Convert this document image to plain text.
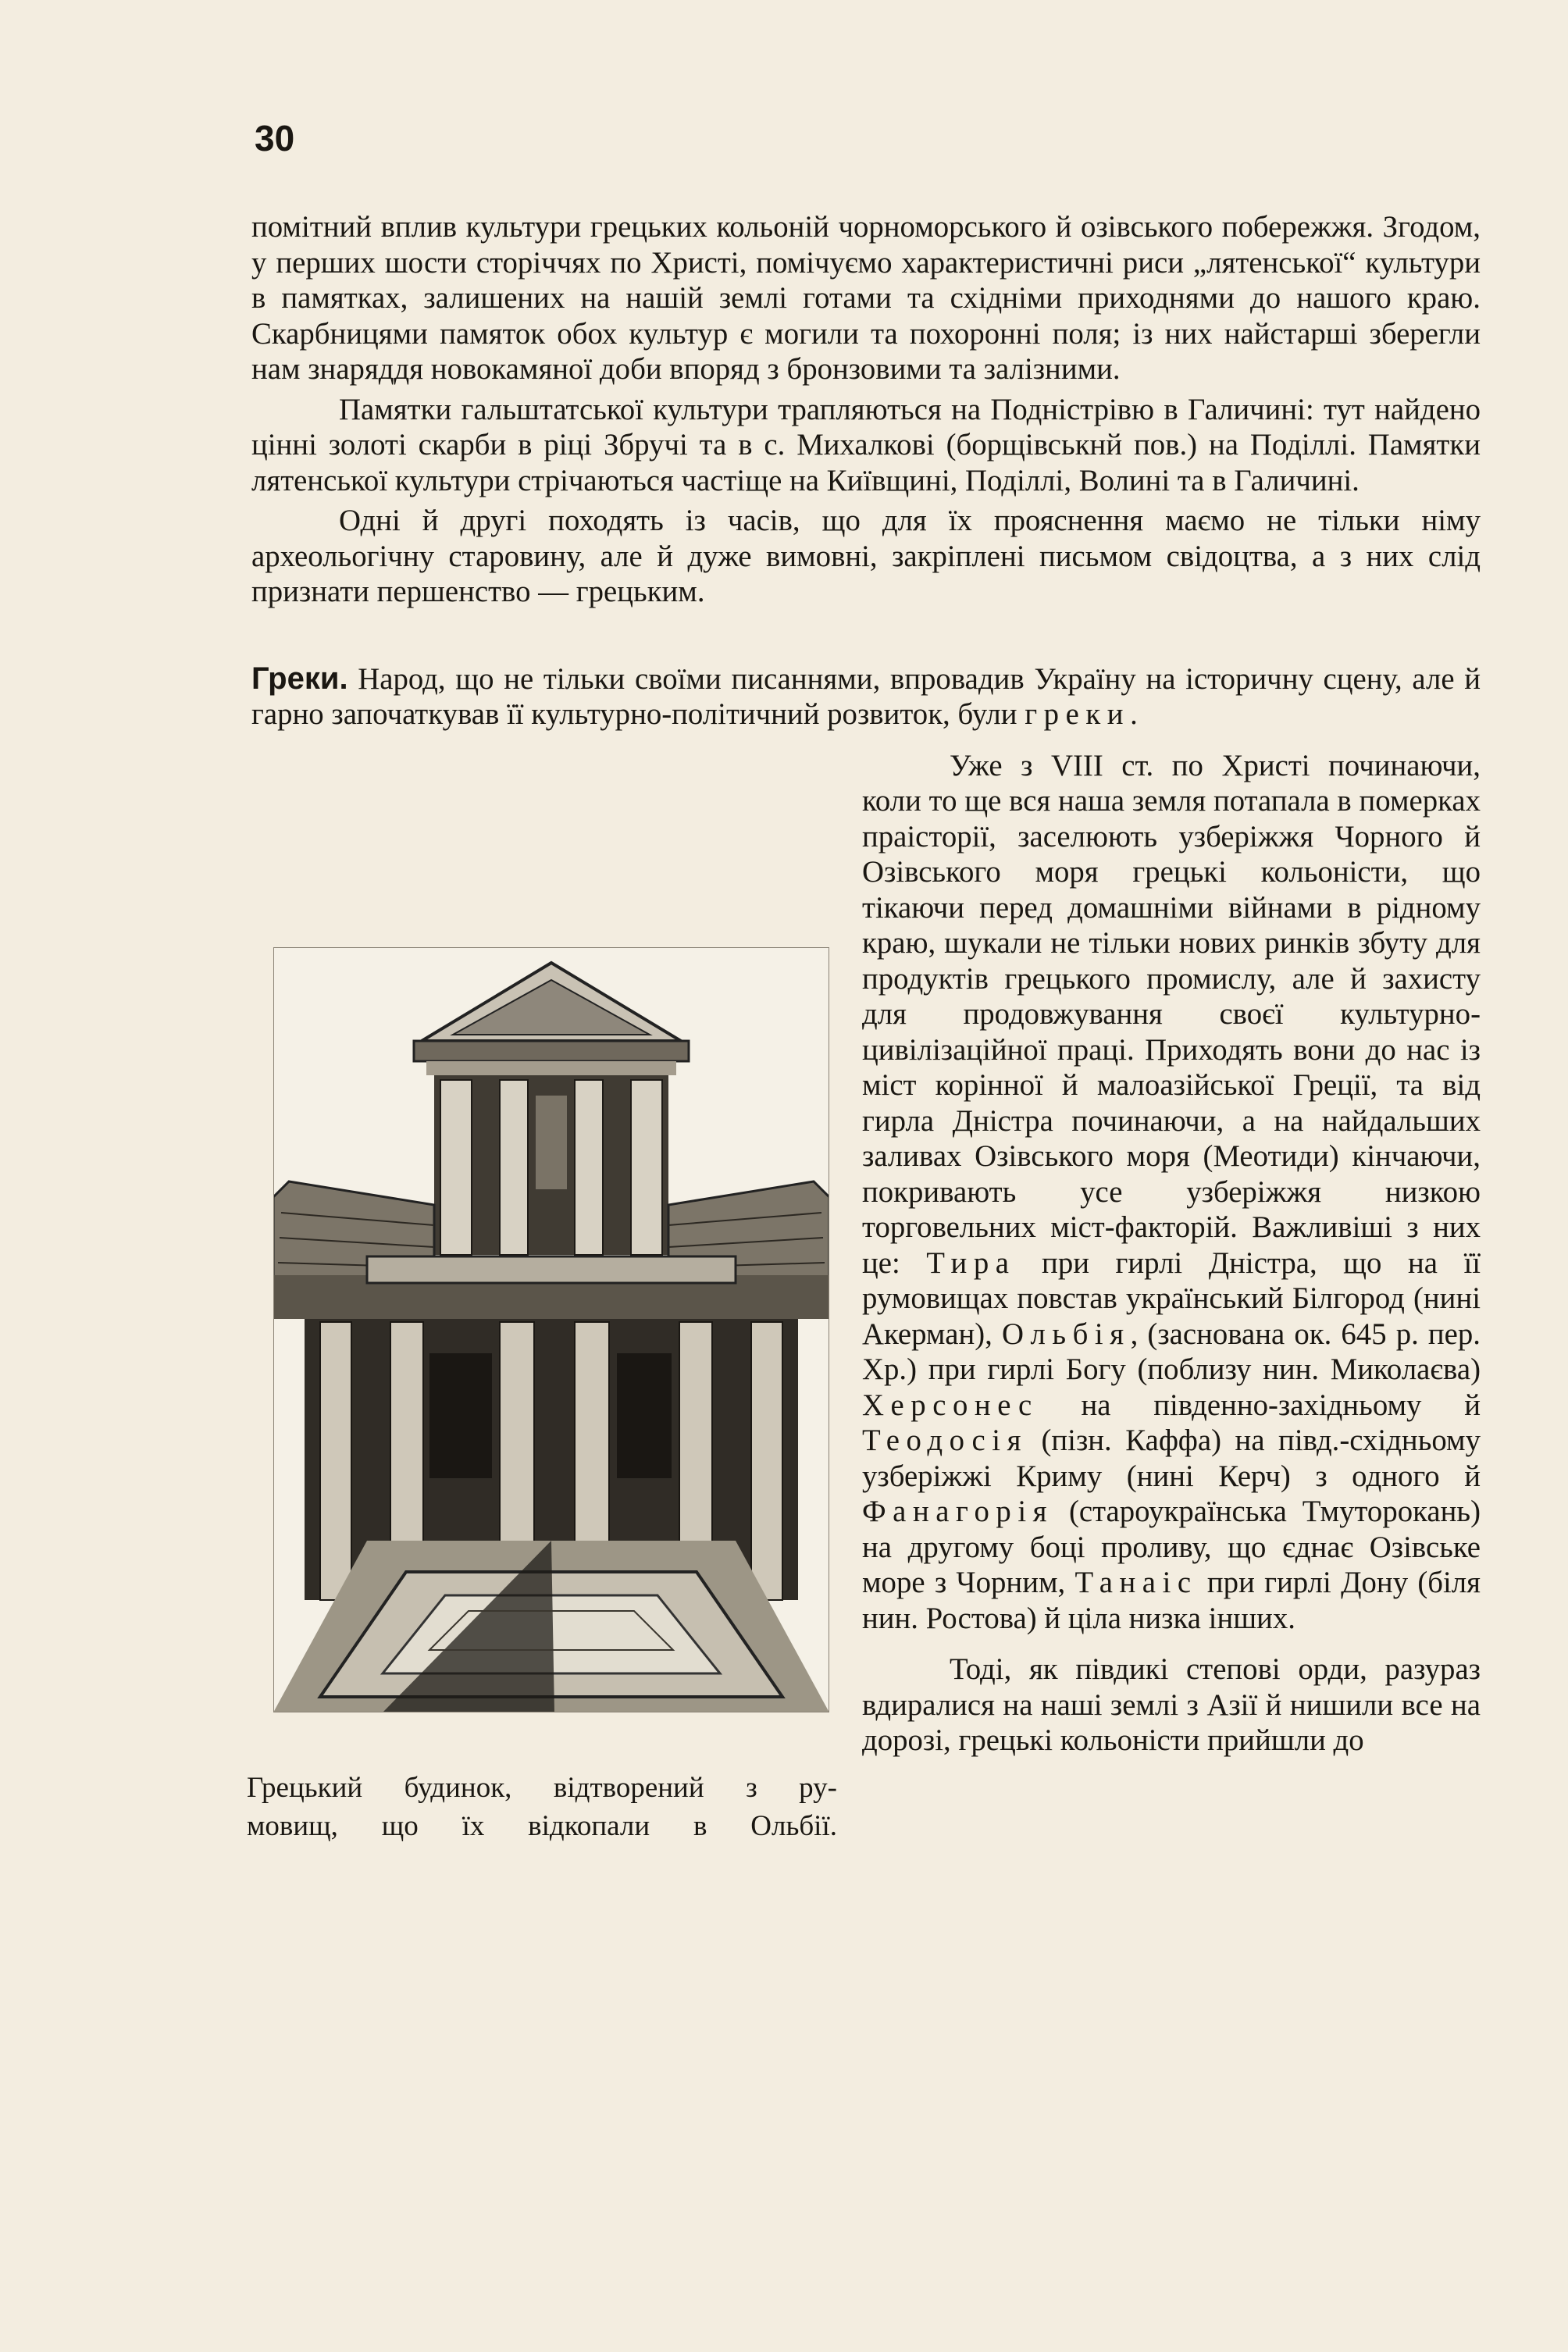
30

помітний вплив культури грецьких кольоній чорноморського й озівського побережжя. Згодом, у перших шости сторіччях по Христі, помічуємо характеристичні риси „лятенської“ культури в памятках, залишених на нашій землі готами та східніми приходнями до нашого краю. Скарбницями памяток обох культур є могили та похоронні поля; із них найстарші зберегли нам знаряддя новокамяної доби впоряд з бронзовими та залізними.

Памятки гальштатської культури трапляються на Подністрівю в Галичині: тут найдено цінні золоті скарби в ріці Збручі та в с. Михалкові (борщівськнй пов.) на Поділлі. Памятки лятенської культури стрічаються частіще на Київщині, Поділлі, Волині та в Галичині.

Одні й другі походять із часів, що для їх прояснення маємо не тільки німу археольогічну старовину, але й дуже вимовні, закріплені письмом свідоцтва, а з них слід признати першенство — грецьким.

Греки. Народ, що не тільки своїми писаннями, впровадив Україну на історичну сцену, але й гарно започаткував її культурно-політичний розвиток, були греки.

Грецький будинок, відтворений з ру-
мовищ, що їх відкопали в Ольбії.

Уже з VIII ст. по Христі починаючи, коли то ще вся наша земля потапала в померках праісторії, заселюють узберіжжя Чорного й Озівського моря грецькі кольоністи, що тікаючи перед домашніми війнами в рідному краю, шукали не тільки нових ринків збуту для продуктів грецького промислу, але й захисту для продовжування своєї культурно-цивілізаційної праці. Приходять вони до нас із міст корінної й малоазійської Греції, та від гирла Дністра починаючи, а на найдальших заливах Озівського моря (Меотиди) кінчаючи, покривають усе узберіжжя низкою торговельних міст-факторій. Важливіші з них це: Тира при гирлі Дністра, що на її румовищах повстав український Білгород (нині Акерман), Ольбія, (заснована ок. 645 р. пер. Хр.) при гирлі Богу (поблизу нин. Миколаєва) Херсонес на південно-західньому й Теодосія (пізн. Каффа) на півд.-східньому узберіжжі Криму (нині Керч) з одного й Фанагорія (староукраїнська Тмуторокань) на другому боці проливу, що єднає Озівське море з Чорним, Танаіс при гирлі Дону (біля нин. Ростова) й ціла низка інших.

Тоді, як півдикі степові орди, разураз вдиралися на наші землі з Азії й нишили все на дорозі, грецькі кольоністи прийшли до
